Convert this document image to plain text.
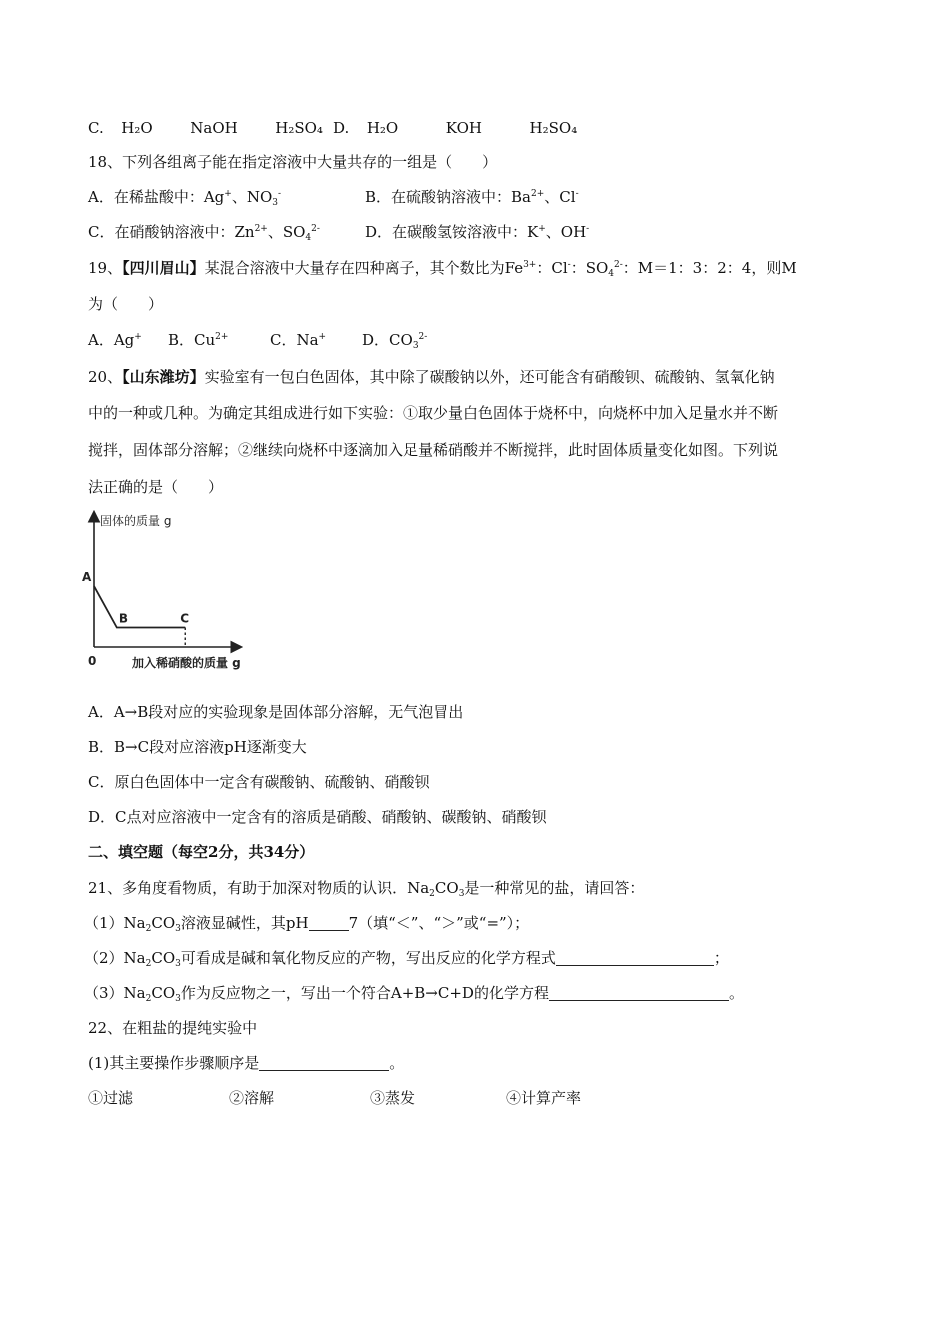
C. H₂O	NaOH	H₂SO₄ D. H₂O	KOH	H₂SO₄
18、下列各组离子能在指定溶液中大量共存的一组是（　　）
A．在稀盐酸中：Ag+、$NO_3^-$	B．在硫酸钠溶液中：$Ba^{2+}$、Cl-
C．在硝酸钠溶液中：$Zn^{2+}$、$SO_4^{2-}$	D．在碳酸氢铵溶液中：K+、OH-
19、【四川眉山】某混合溶液中大量存在四种离子，其个数比为$Fe^{3+}$：Cl-：$SO_4^{2-}$：M＝1：3：2：4，则M
为（　　）
A．Ag+ B．$Cu^{2+}$	C．Na+ D．$CO_3^{2-}$
20、【山东潍坊】实验室有一包白色固体，其中除了碳酸钠以外，还可能含有硝酸钡、硫酸钠、氢氧化钠
中的一种或几种。为确定其组成进行如下实验：①取少量白色固体于烧杯中，向烧杯中加入足量水并不断
搅拌，固体部分溶解；②继续向烧杯中逐滴加入足量稀硝酸并不断搅拌，此时固体质量变化如图。下列说
法正确的是（　　）
固体的质量 g
加入稀硝酸的质量 g
0
A
B	C
A．A→B段对应的实验现象是固体部分溶解，无气泡冒出
B．B→C段对应溶液pH逐渐变大
C．原白色固体中一定含有碳酸钠、硫酸钠、硝酸钡
D．C点对应溶液中一定含有的溶质是硝酸、硝酸钠、碳酸钠、硝酸钡
二、填空题（每空2分，共34分）
21、多角度看物质，有助于加深对物质的认识．$Na_2CO_3$是一种常见的盐，请回答：
$(1)Na_2CO_3$溶液显碱性，其pH	7（填“＜”、“＞”或“=”）；
$(2)Na_2CO_3$可看成是碱和氧化物反应的产物，写出反应的化学方程式	；
$(3)Na_2CO_3$作为反应物之一，写出一个符合A+B→C+D的化学方程	。
22、在粗盐的提纯实验中
(1)其主要操作步骤顺序是	。
①过滤	②溶解	③蒸发	④计算产率
